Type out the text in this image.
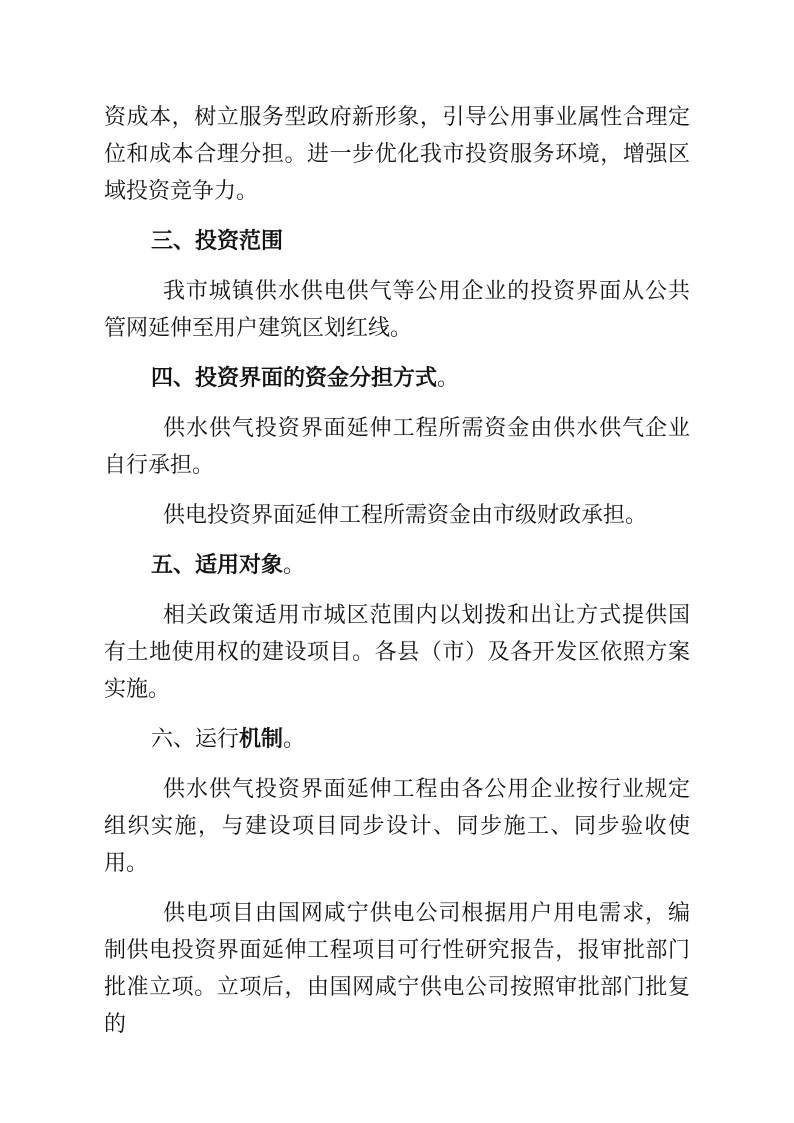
资成本，树立服务型政府新形象，引导公用事业属性合理定位和成本合理分担。进一步优化我市投资服务环境，增强区域投资竞争力。

三、投资范围

我市城镇供水供电供气等公用企业的投资界面从公共管网延伸至用户建筑区划红线。

四、投资界面的资金分担方式。

供水供气投资界面延伸工程所需资金由供水供气企业自行承担。

供电投资界面延伸工程所需资金由市级财政承担。

五、适用对象。

相关政策适用市城区范围内以划拨和出让方式提供国有土地使用权的建设项目。各县（市）及各开发区依照方案实施。

六、运行机制。

供水供气投资界面延伸工程由各公用企业按行业规定组织实施，与建设项目同步设计、同步施工、同步验收使用。

供电项目由国网咸宁供电公司根据用户用电需求，编制供电投资界面延伸工程项目可行性研究报告，报审批部门批准立项。立项后，由国网咸宁供电公司按照审批部门批复的
